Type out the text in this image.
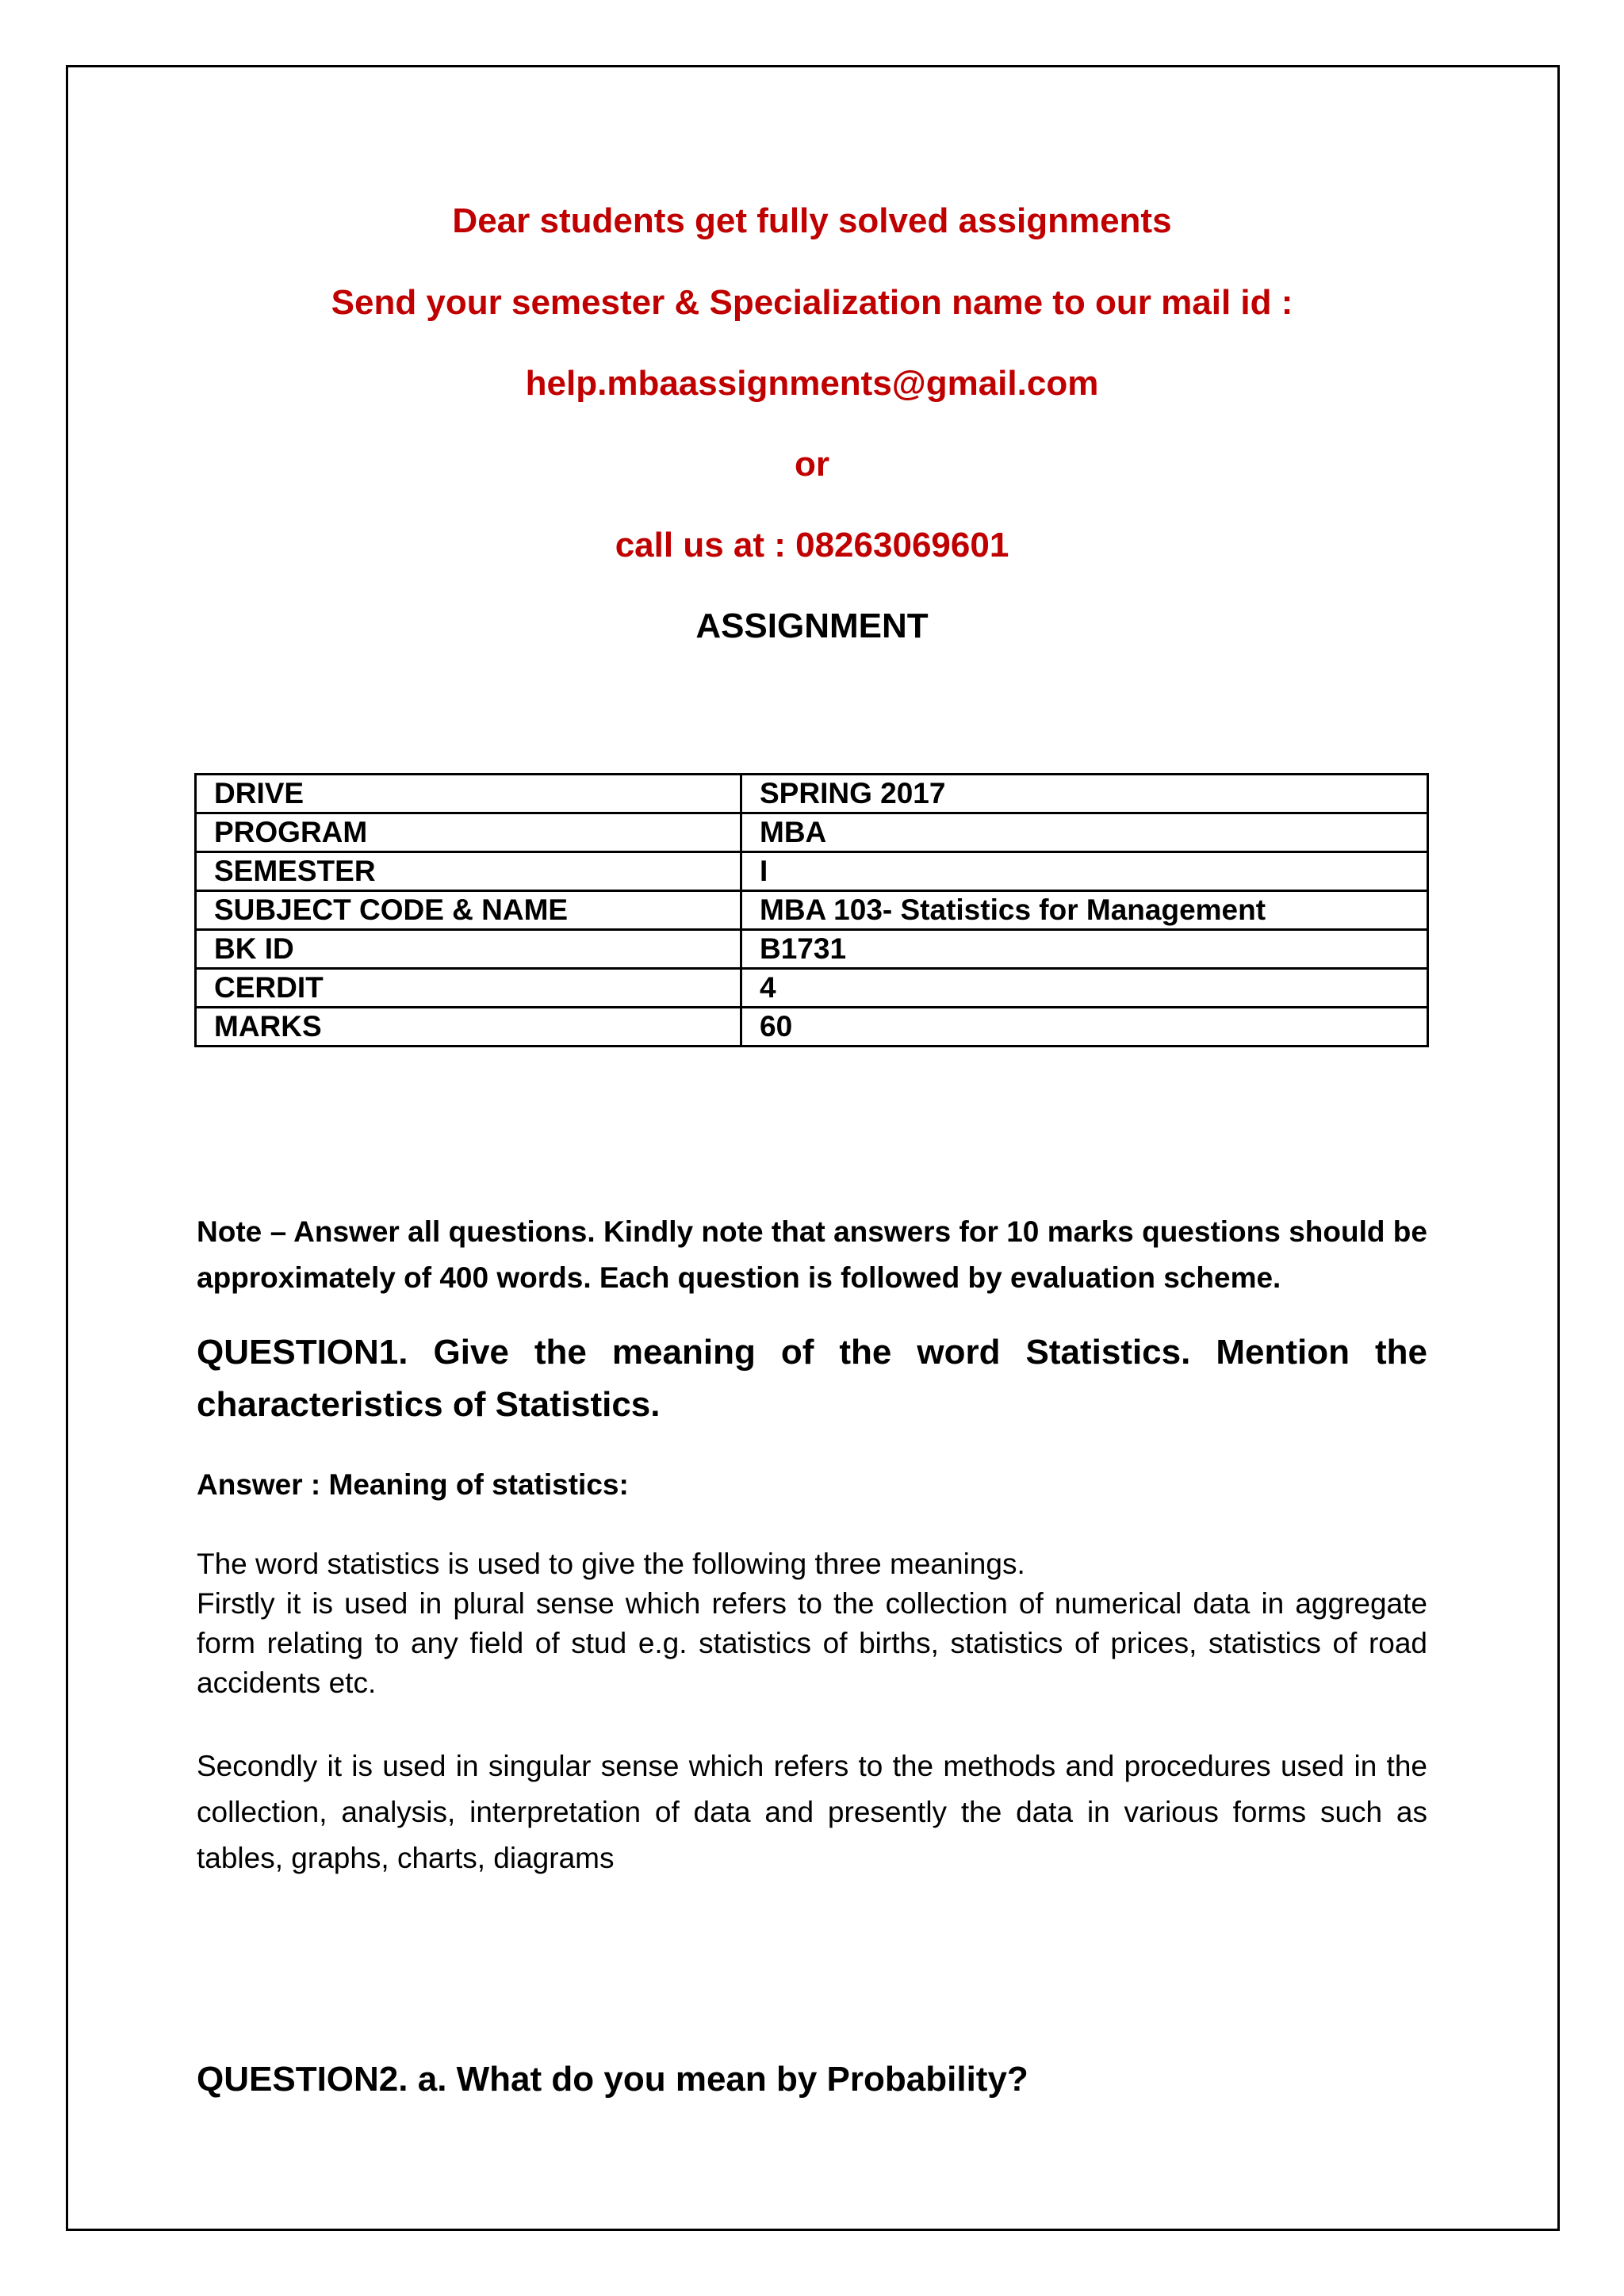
Dear students get fully solved assignments
Send your semester & Specialization name to our mail id :
help.mbaassignments@gmail.com
or
call us at : 08263069601
ASSIGNMENT
DRIVE	SPRING 2017
PROGRAM	MBA
SEMESTER	I
SUBJECT CODE & NAME	MBA 103- Statistics for Management
BK ID	B1731
CERDIT	4
MARKS	60
Note – Answer all questions. Kindly note that answers for 10 marks questions should be approximately of 400 words. Each question is followed by evaluation scheme.
QUESTION1. Give the meaning of the word Statistics. Mention the characteristics of Statistics.
Answer : Meaning of statistics:
The word statistics is used to give the following three meanings.
Firstly it is used in plural sense which refers to the collection of numerical data in aggregate form relating to any field of stud e.g. statistics of births, statistics of prices, statistics of road accidents etc.
Secondly it is used in singular sense which refers to the methods and procedures used in the collection, analysis, interpretation of data and presently the data in various forms such as tables, graphs, charts, diagrams
QUESTION2. a. What do you mean by Probability?
